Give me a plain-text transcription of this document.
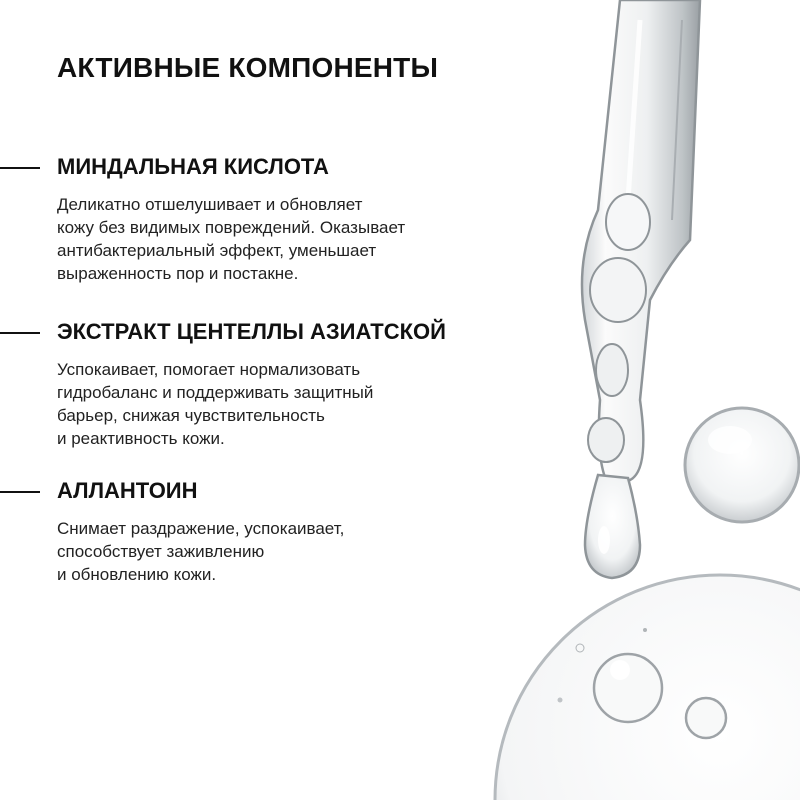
АКТИВНЫЕ КОМПОНЕНТЫ
МИНДАЛЬНАЯ КИСЛОТА

Деликатно отшелушивает и обновляет
кожу без видимых повреждений. Оказывает
антибактериальный эффект, уменьшает
выраженность пор и постакне.

ЭКСТРАКТ ЦЕНТЕЛЛЫ АЗИАТСКОЙ

Успокаивает, помогает нормализовать
гидробаланс и поддерживать защитный
барьер, снижая чувствительность
и реактивность кожи.

АЛЛАНТОИН

Снимает раздражение, успокаивает,
способствует заживлению
и обновлению кожи.
